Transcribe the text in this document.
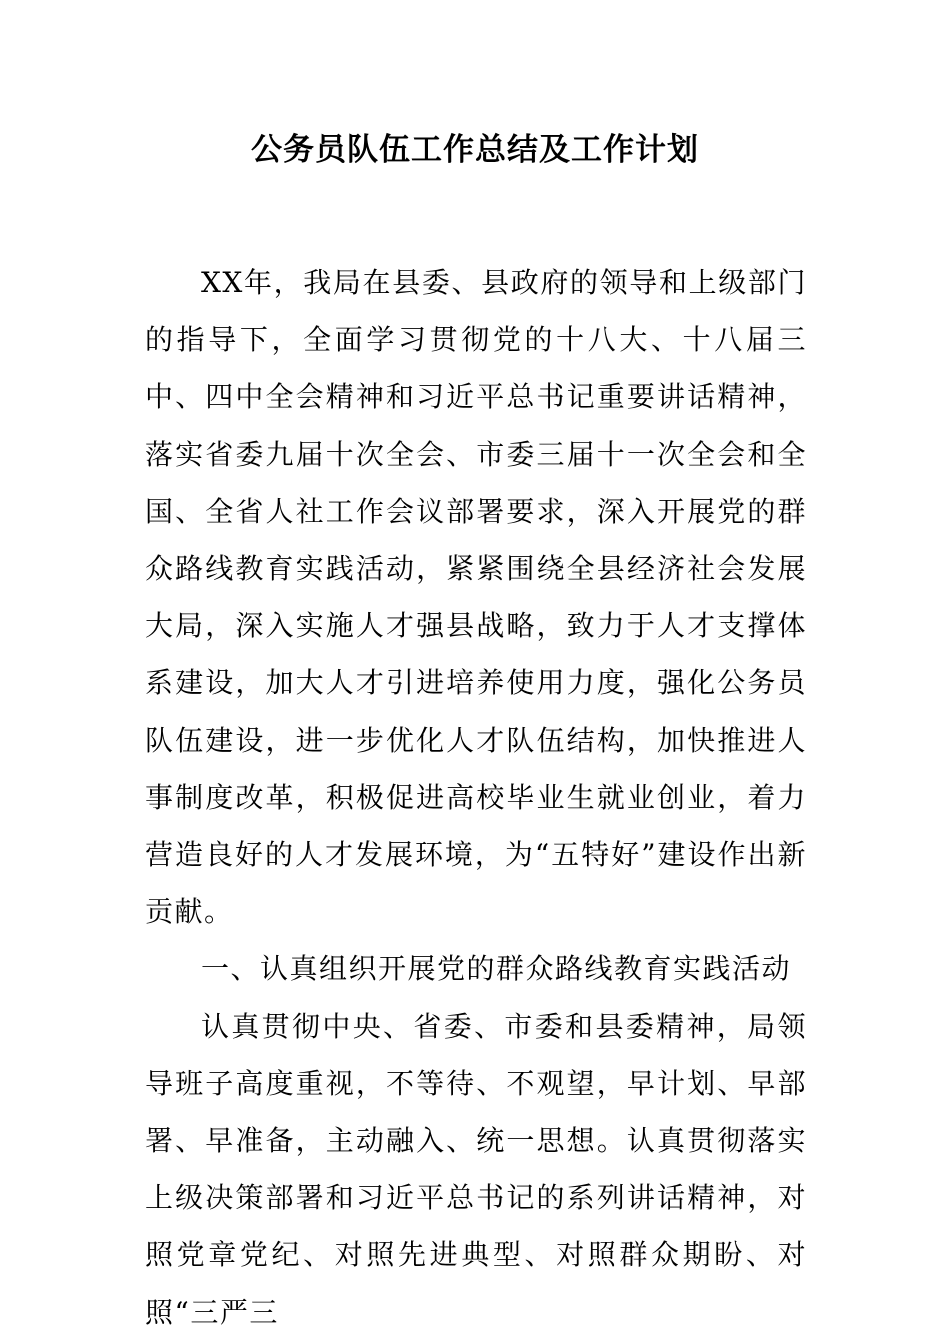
公务员队伍工作总结及工作计划

XX年，我局在县委、县政府的领导和上级部门的指导下，全面学习贯彻党的十八大、十八届三中、四中全会精神和习近平总书记重要讲话精神，落实省委九届十次全会、市委三届十一次全会和全国、全省人社工作会议部署要求，深入开展党的群众路线教育实践活动，紧紧围绕全县经济社会发展大局，深入实施人才强县战略，致力于人才支撑体系建设，加大人才引进培养使用力度，强化公务员队伍建设，进一步优化人才队伍结构，加快推进人事制度改革，积极促进高校毕业生就业创业，着力营造良好的人才发展环境，为“五特好”建设作出新贡献。

一、认真组织开展党的群众路线教育实践活动

认真贯彻中央、省委、市委和县委精神，局领导班子高度重视，不等待、不观望，早计划、早部署、早准备，主动融入、统一思想。认真贯彻落实上级决策部署和习近平总书记的系列讲话精神，对照党章党纪、对照先进典型、对照群众期盼、对照“三严三
